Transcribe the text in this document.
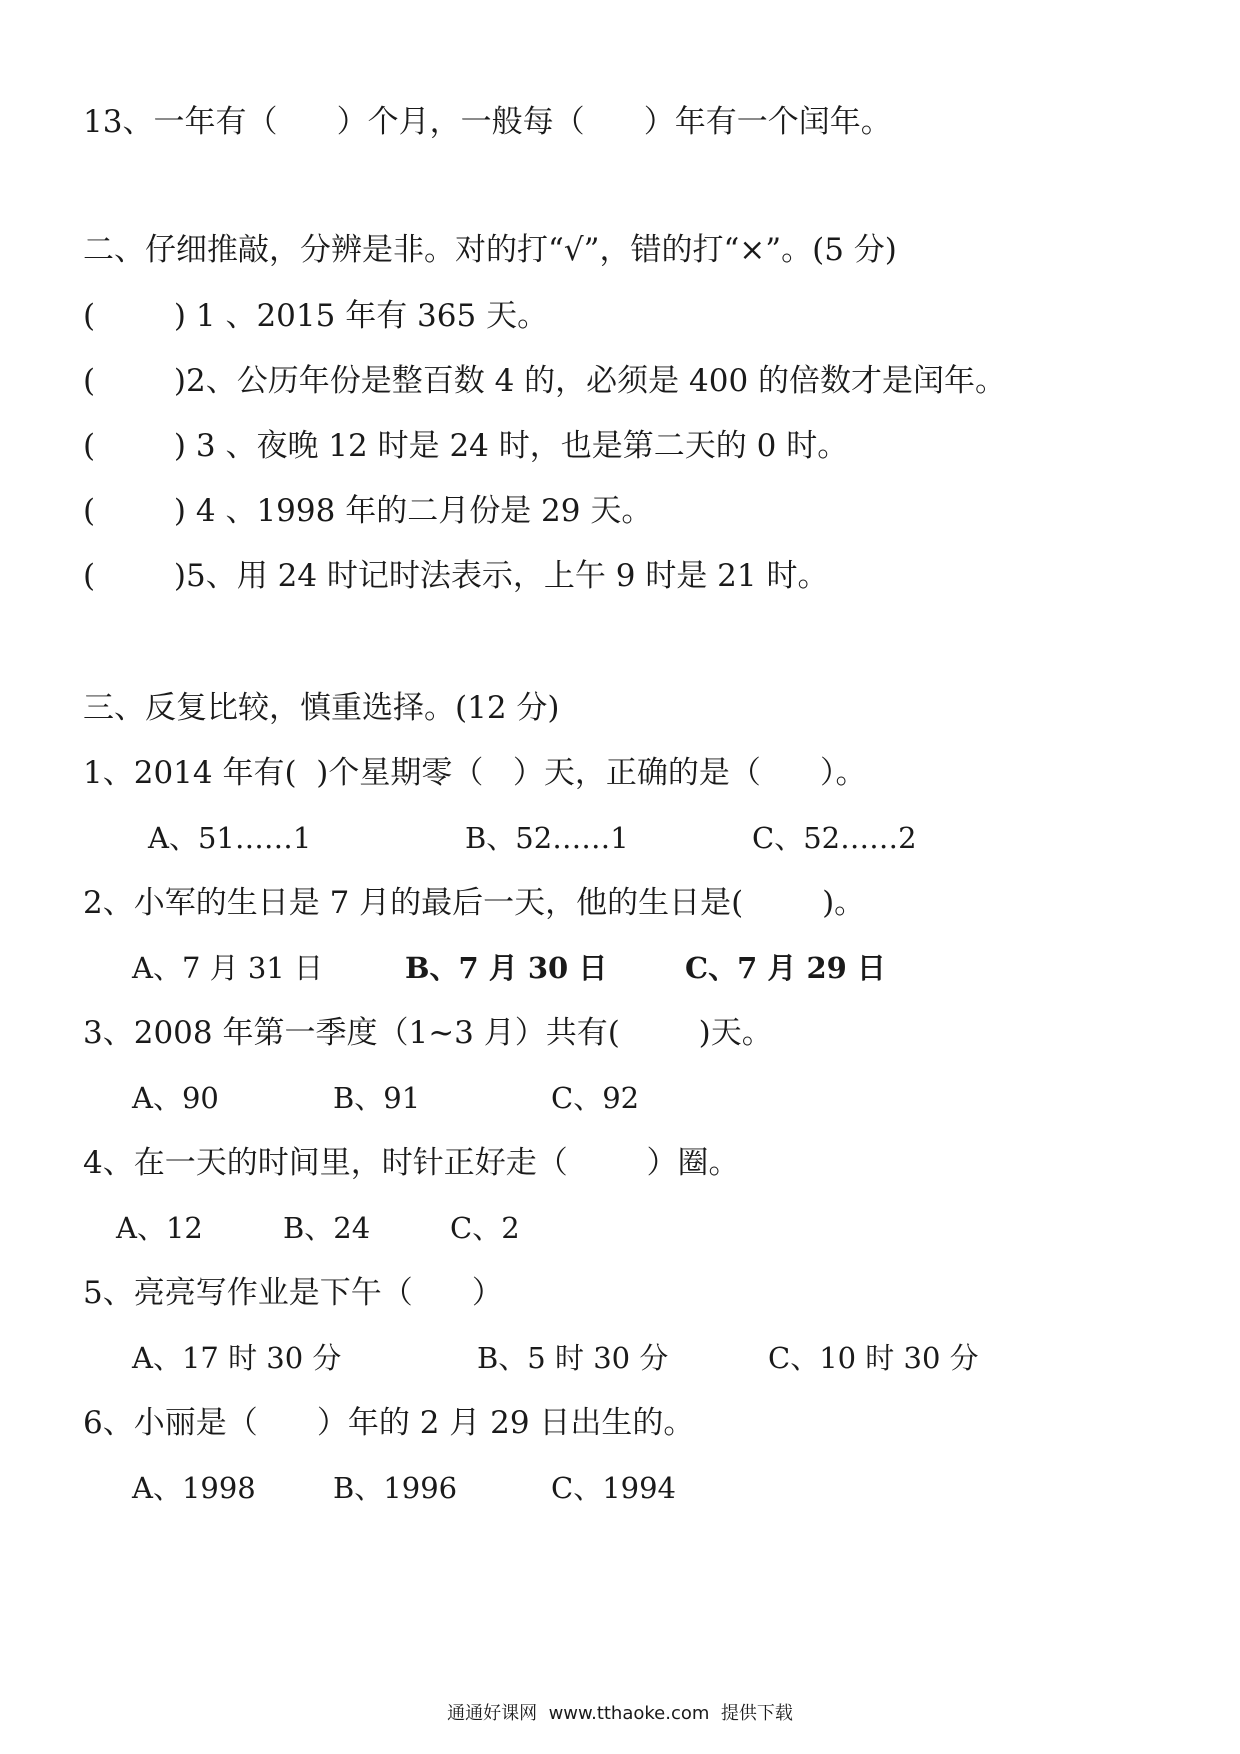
13、一年有（      ）个月，一般每（      ）年有一个闰年。
二、仔细推敲，分辨是非。对的打“√”，错的打“×”。(5 分)
(        ) 1 、2015 年有 365 天。
(        )2、公历年份是整百数 4 的，必须是 400 的倍数才是闰年。
(        ) 3 、夜晚 12 时是 24 时，也是第二天的 0 时。
(        ) 4 、1998 年的二月份是 29 天。
(        )5、用 24 时记时法表示，上午 9 时是 21 时。
三、反复比较，慎重选择。(12 分)
1、2014 年有(  )个星期零（   ）天，正确的是（      ）。
A、51……1	B、52……1	C、52……2
2、小军的生日是 7 月的最后一天，他的生日是(        )。
A、7 月 31 日	B、7 月 30 日	C、7 月 29 日
3、2008 年第一季度（1~3 月）共有(        )天。
A、90	B、91	C、92
4、在一天的时间里，时针正好走（        ）圈。
A、12	B、24	C、2
5、亮亮写作业是下午（      ）
A、17 时 30 分	B、5 时 30 分	C、10 时 30 分
6、小丽是（      ）年的 2 月 29 日出生的。
A、1998	B、1996	C、1994
通通好课网  www.tthaoke.com  提供下载
